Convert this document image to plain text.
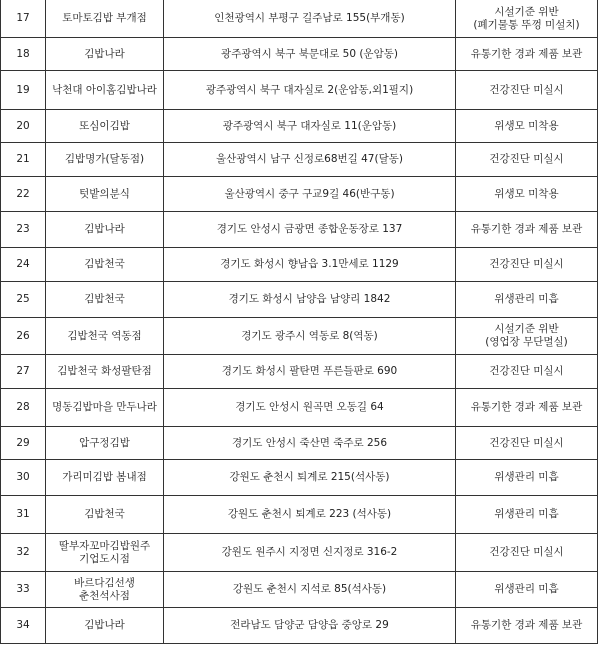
17	토마토김밥 부개점	인천광역시 부평구 길주남로 155(부개동)	시설기준 위반
(폐기물통 뚜껑 미설치)

18	김밥나라	광주광역시 북구 북문대로 50 (운암동)	유통기한 경과 제품 보관

19	낙천대 아이홈김밥나라	광주광역시 북구 대자실로 2(운암동,외1필지)	건강진단 미실시

20	또심이김밥	광주광역시 북구 대자실로 11(운암동)	위생모 미착용

21	김밥명가(달동점)	울산광역시 남구 신정로68번길 47(달동)	건강진단 미실시

22	텃밭의분식	울산광역시 중구 구교9길 46(반구동)	위생모 미착용

23	김밥나라	경기도 안성시 금광면 종합운동장로 137	유통기한 경과 제품 보관

24	김밥천국	경기도 화성시 향남읍 3.1만세로 1129	건강진단 미실시

25	김밥천국	경기도 화성시 남양읍 남양리 1842	위생관리 미흡

26	김밥천국 역동점	경기도 광주시 역동로 8(역동)	시설기준 위반
(영업장 무단멸실)

27	김밥천국 화성팔탄점	경기도 화성시 팔탄면 푸른들판로 690	건강진단 미실시

28	명동김밥마을 만두나라	경기도 안성시 원곡면 오동길 64	유통기한 경과 제품 보관

29	압구정김밥	경기도 안성시 죽산면 죽주로 256	건강진단 미실시

30	가리미김밥 봄내점	강원도 춘천시 퇴계로 215(석사동)	위생관리 미흡

31	김밥천국	강원도 춘천시 퇴계로 223 (석사동)	위생관리 미흡

32	딸부자꼬마김밥원주
기업도시점	강원도 원주시 지정면 신지정로 316-2	건강진단 미실시

33	바르다김선생
춘천석사점	강원도 춘천시 지석로 85(석사동)	위생관리 미흡

34	김밥나라	전라남도 담양군 담양읍 중앙로 29	유통기한 경과 제품 보관
